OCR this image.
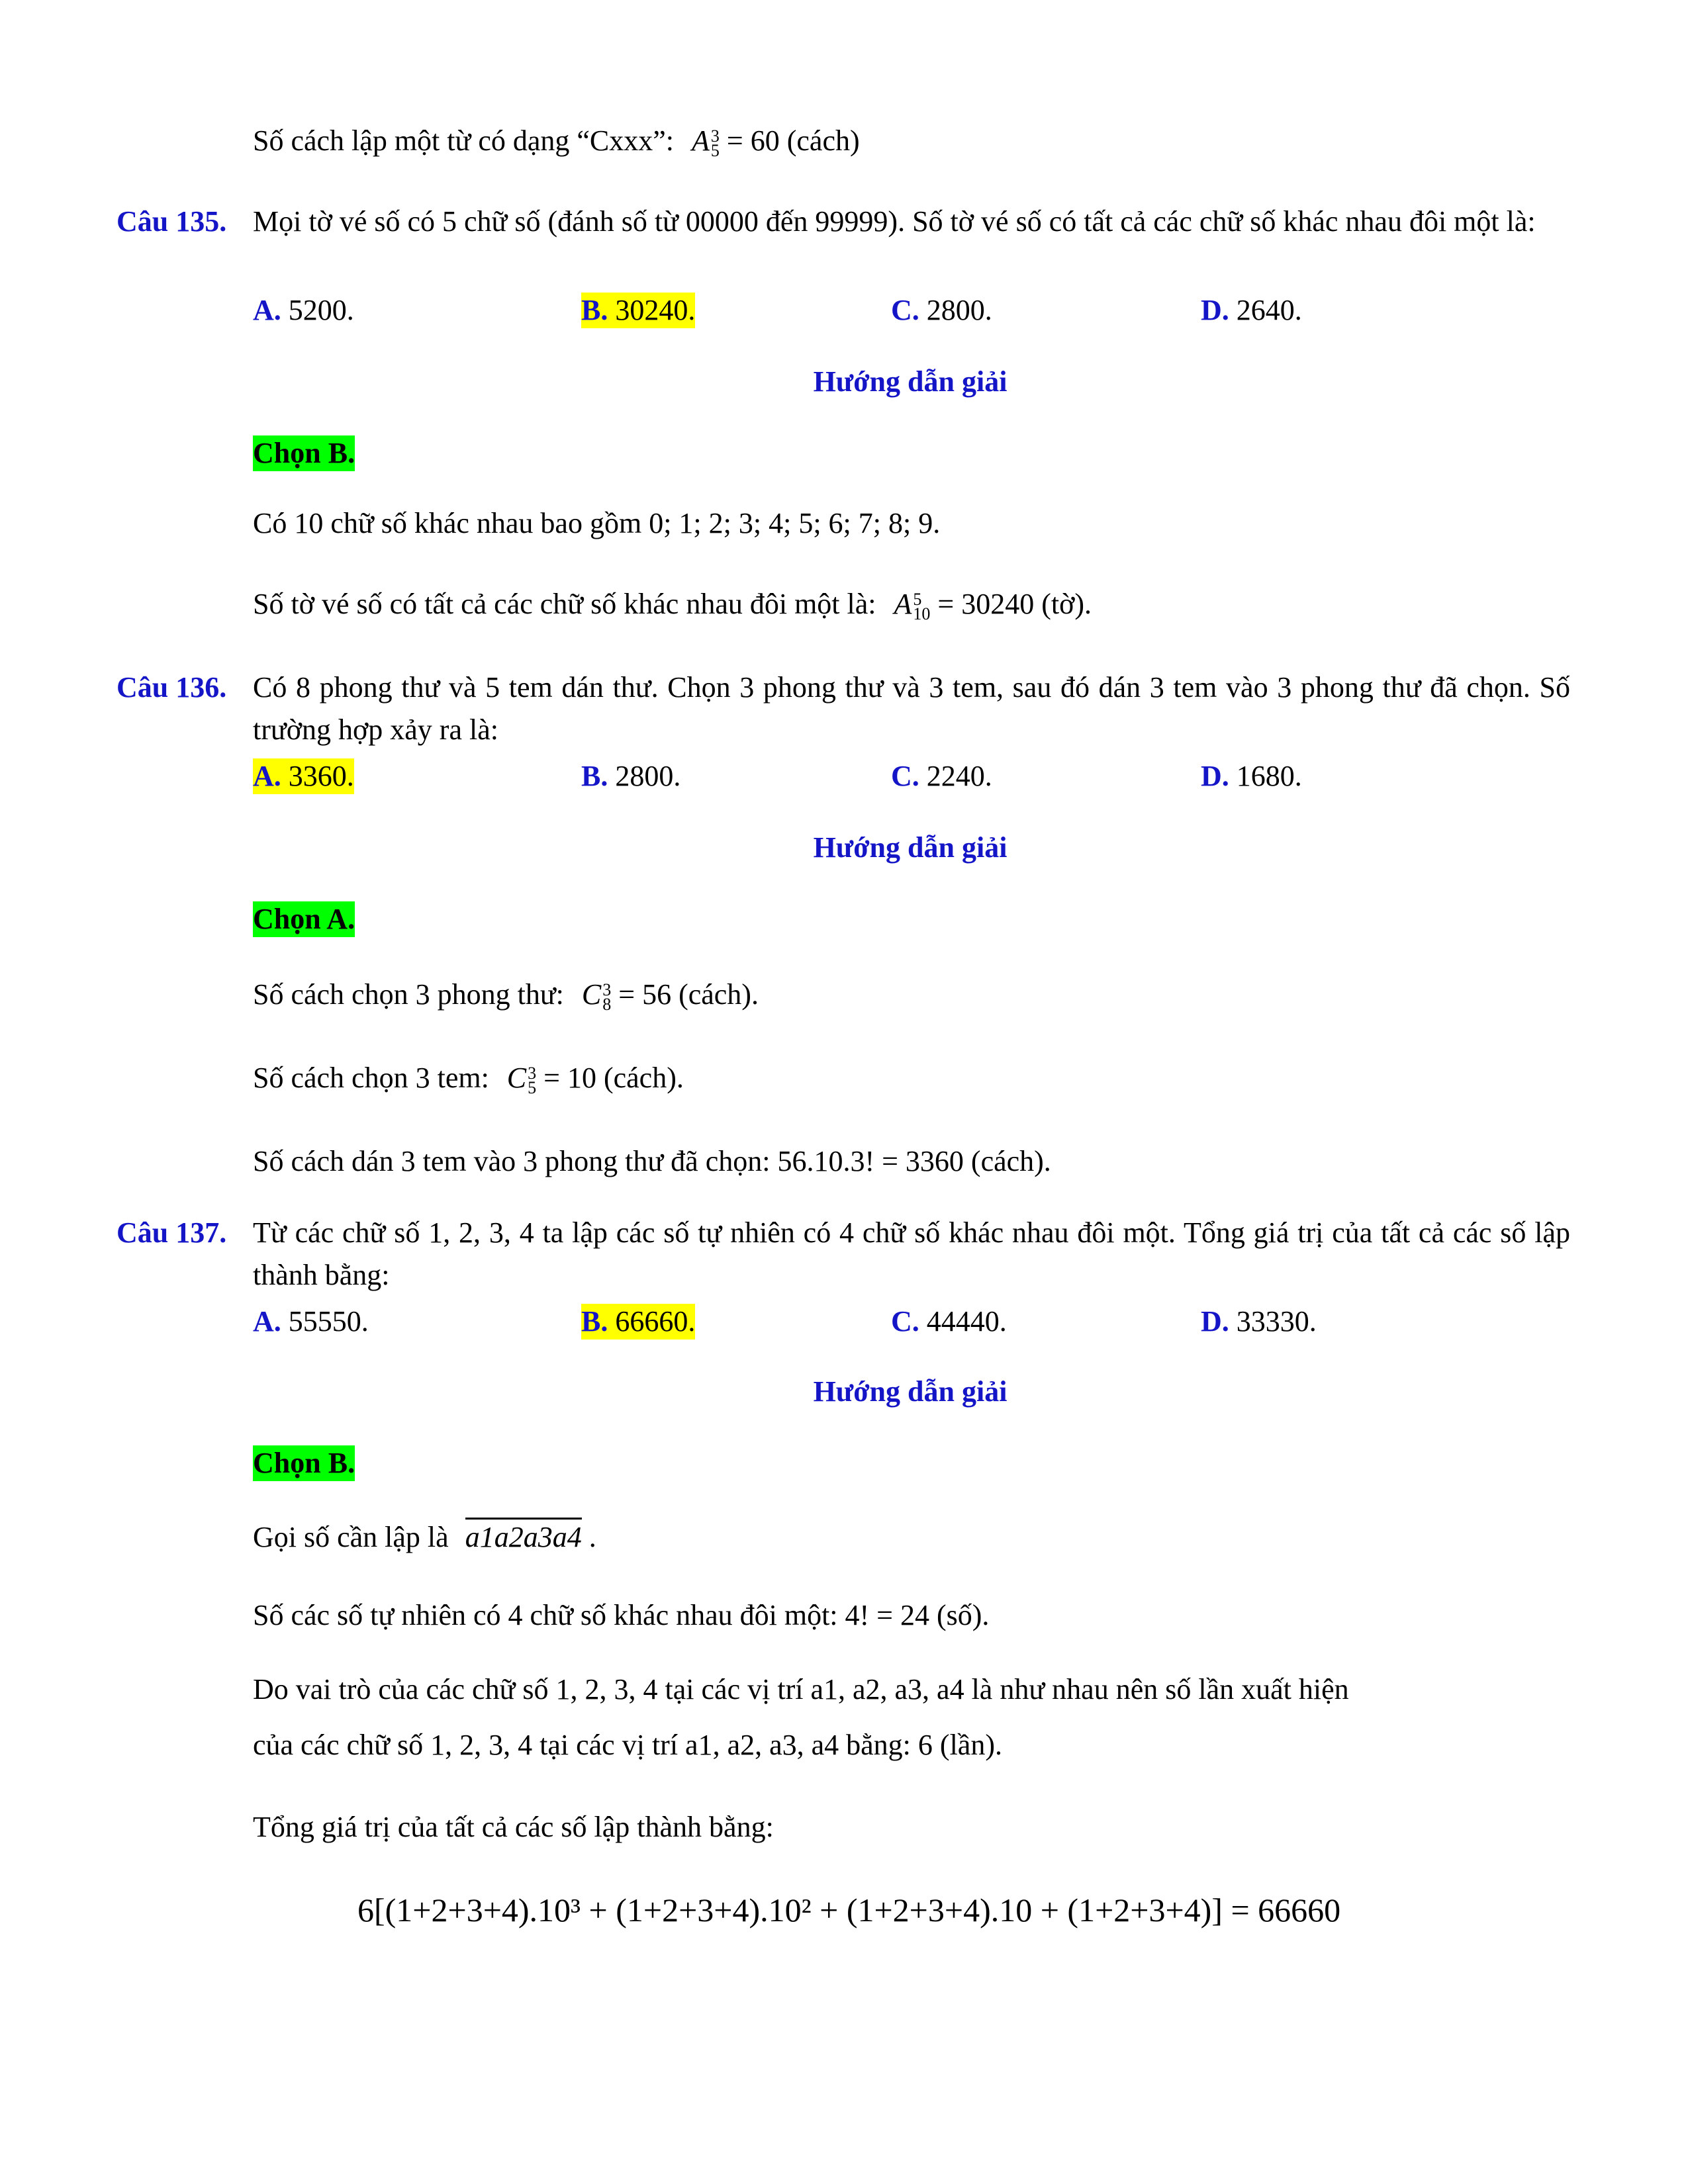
Số cách lập một từ có dạng “Cxxx”: A 3
5 = 60 (cách)
Câu 135. Mọi tờ vé số có 5 chữ số (đánh số từ 00000 đến 99999). Số tờ vé số có tất cả các chữ số khác nhau đôi một là:
A. 5200.	B. 30240.	C. 2800.	D. 2640.
Hướng dẫn giải
Chọn B.
Có 10 chữ số khác nhau bao gồm 0; 1; 2; 3; 4; 5; 6; 7; 8; 9.
Số tờ vé số có tất cả các chữ số khác nhau đôi một là: A 5
10 = 30240 (tờ).
Câu 136. Có 8 phong thư và 5 tem dán thư. Chọn 3 phong thư và 3 tem, sau đó dán 3 tem vào 3 phong thư đã chọn. Số trường hợp xảy ra là:
A. 3360.	B. 2800.	C. 2240.	D. 1680.
Hướng dẫn giải
Chọn A.
Số cách chọn 3 phong thư: C 3
8 = 56 (cách).
Số cách chọn 3 tem: C 3
5 = 10 (cách).
Số cách dán 3 tem vào 3 phong thư đã chọn: 56.10.3! = 3360 (cách).
Câu 137. Từ các chữ số 1, 2, 3, 4 ta lập các số tự nhiên có 4 chữ số khác nhau đôi một. Tổng giá trị của tất cả các số lập thành bằng:
A. 55550.	B. 66660.	C. 44440.	D. 33330.
Hướng dẫn giải
Chọn B.
Gọi số cần lập là a1a2a3a4 .
Số các số tự nhiên có 4 chữ số khác nhau đôi một: 4! = 24 (số).
Do vai trò của các chữ số 1, 2, 3, 4 tại các vị trí a1, a2, a3, a4 là như nhau nên số lần xuất hiện
của các chữ số 1, 2, 3, 4 tại các vị trí a1, a2, a3, a4 bằng: 6 (lần).
Tổng giá trị của tất cả các số lập thành bằng:
6[(1+2+3+4).10³ + (1+2+3+4).10² + (1+2+3+4).10 + (1+2+3+4)] = 66660
